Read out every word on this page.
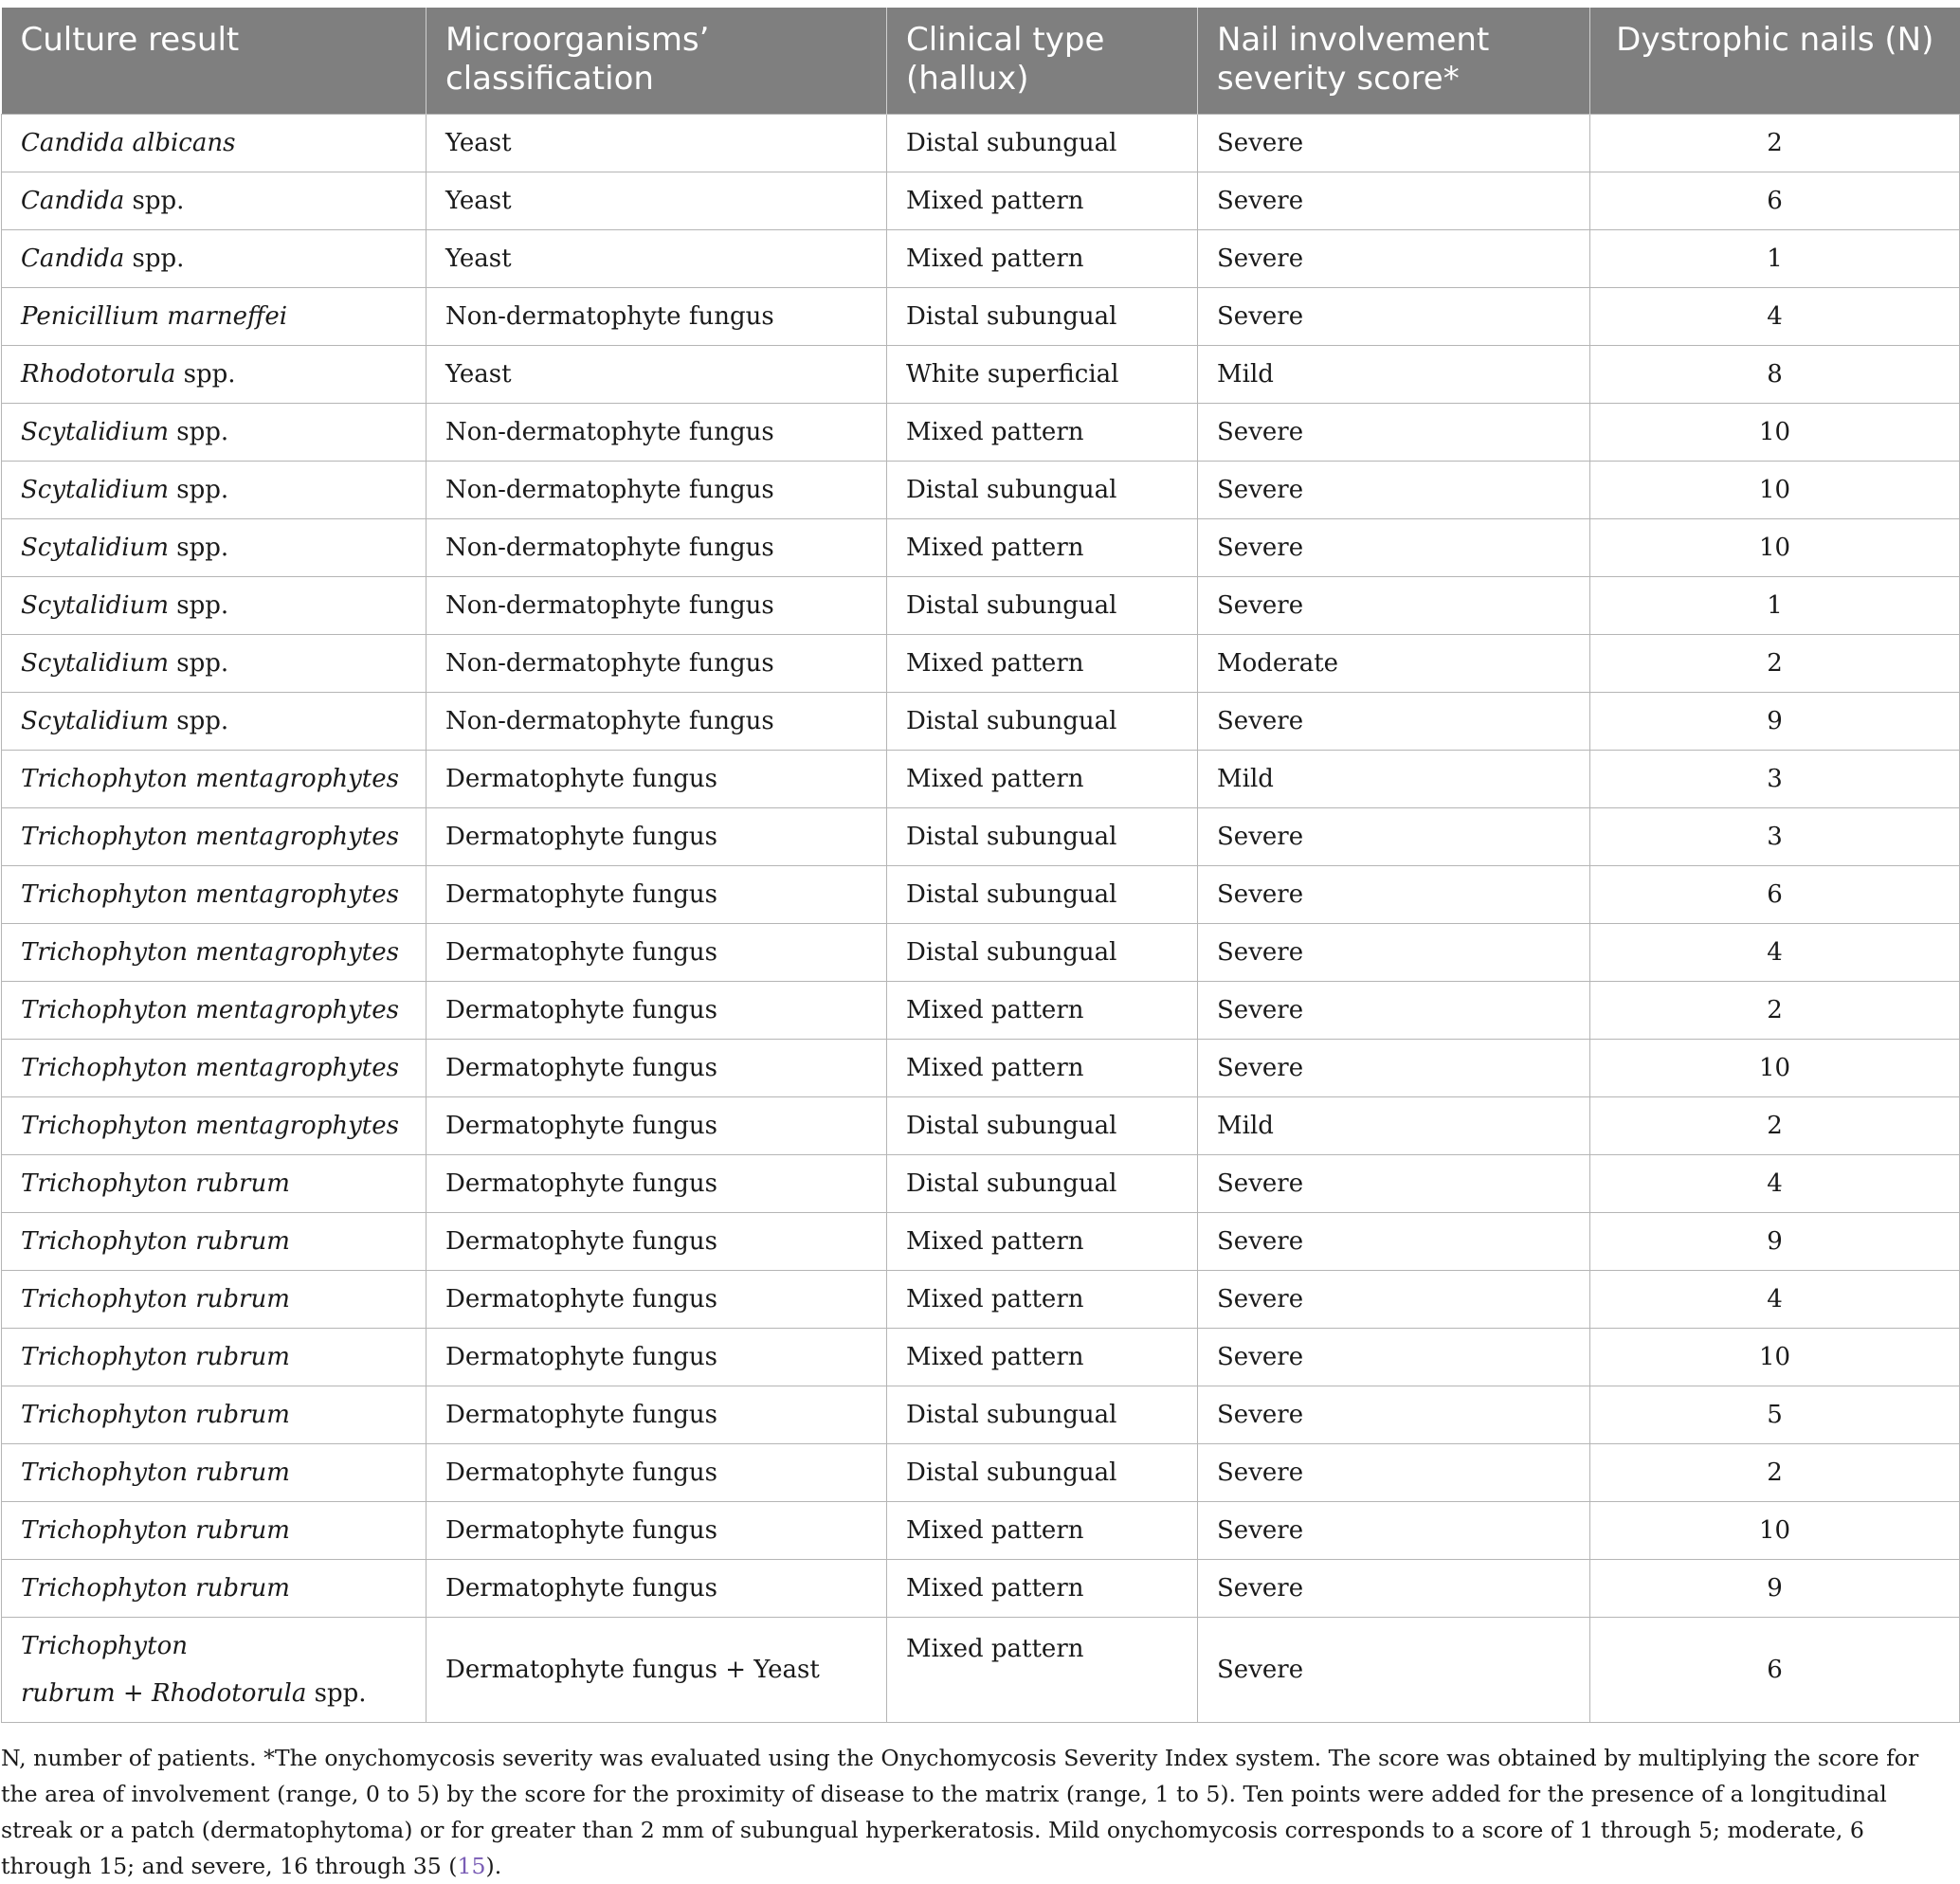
Culture result	Microorganisms’ classification	Clinical type (hallux)	Nail involvement severity score*	Dystrophic nails (N)
Candida albicans	Yeast	Distal subungual	Severe	2
Candida spp.	Yeast	Mixed pattern	Severe	6
Candida spp.	Yeast	Mixed pattern	Severe	1
Penicillium marneffei	Non-dermatophyte fungus	Distal subungual	Severe	4
Rhodotorula spp.	Yeast	White superficial	Mild	8
Scytalidium spp.	Non-dermatophyte fungus	Mixed pattern	Severe	10
Scytalidium spp.	Non-dermatophyte fungus	Distal subungual	Severe	10
Scytalidium spp.	Non-dermatophyte fungus	Mixed pattern	Severe	10
Scytalidium spp.	Non-dermatophyte fungus	Distal subungual	Severe	1
Scytalidium spp.	Non-dermatophyte fungus	Mixed pattern	Moderate	2
Scytalidium spp.	Non-dermatophyte fungus	Distal subungual	Severe	9
Trichophyton mentagrophytes	Dermatophyte fungus	Mixed pattern	Mild	3
Trichophyton mentagrophytes	Dermatophyte fungus	Distal subungual	Severe	3
Trichophyton mentagrophytes	Dermatophyte fungus	Distal subungual	Severe	6
Trichophyton mentagrophytes	Dermatophyte fungus	Distal subungual	Severe	4
Trichophyton mentagrophytes	Dermatophyte fungus	Mixed pattern	Severe	2
Trichophyton mentagrophytes	Dermatophyte fungus	Mixed pattern	Severe	10
Trichophyton mentagrophytes	Dermatophyte fungus	Distal subungual	Mild	2
Trichophyton rubrum	Dermatophyte fungus	Distal subungual	Severe	4
Trichophyton rubrum	Dermatophyte fungus	Mixed pattern	Severe	9
Trichophyton rubrum	Dermatophyte fungus	Mixed pattern	Severe	4
Trichophyton rubrum	Dermatophyte fungus	Mixed pattern	Severe	10
Trichophyton rubrum	Dermatophyte fungus	Distal subungual	Severe	5
Trichophyton rubrum	Dermatophyte fungus	Distal subungual	Severe	2
Trichophyton rubrum	Dermatophyte fungus	Mixed pattern	Severe	10
Trichophyton rubrum	Dermatophyte fungus	Mixed pattern	Severe	9
Trichophyton
rubrum + Rhodotorula spp.	Dermatophyte fungus + Yeast	Mixed pattern	Severe	6
N, number of patients. *The onychomycosis severity was evaluated using the Onychomycosis Severity Index system. The score was obtained by multiplying the score for the area of involvement (range, 0 to 5) by the score for the proximity of disease to the matrix (range, 1 to 5). Ten points were added for the presence of a longitudinal streak or a patch (dermatophytoma) or for greater than 2 mm of subungual hyperkeratosis. Mild onychomycosis corresponds to a score of 1 through 5; moderate, 6 through 15; and severe, 16 through 35 (15).
